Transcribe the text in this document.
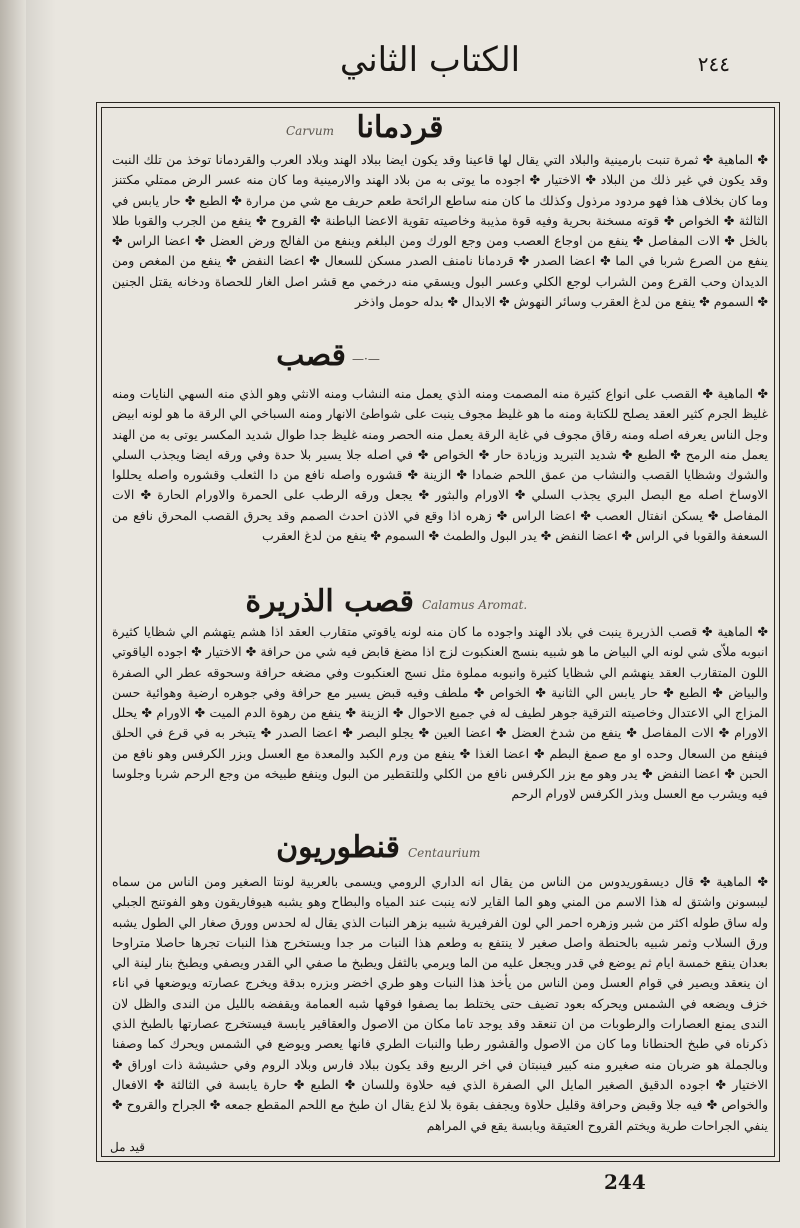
الكتاب الثاني	٢٤٤
قردمانا
Carvum
✤ الماهية ✤ ثمرة تنبت بارمينية والبلاد التي يقال لها قاعينا وقد يكون ايضا ببلاد الهند وبلاد العرب والقردمانا توخذ من تلك النبت وقد يكون في غير ذلك من البلاد ✤ الاختيار ✤ اجوده ما يوتى به من بلاد الهند والارمينية وما كان منه عسر الرض ممتلي مكتنز وما كان بخلاف هذا فهو مردود مرذول وكذلك ما كان منه ساطع الرائحة طعم حريف مع شي من مرارة ✤ الطبع ✤ حار يابس في الثالثة ✤ الخواص ✤ قوته مسخنة بحرية وفيه قوة مذيبة وخاصيته تقوية الاعضا الباطنة ✤ القروح ✤ ينفع من الجرب والقوبا طلا بالخل ✤ الات المفاصل ✤ ينفع من اوجاع العصب ومن وجع الورك ومن البلغم وينفع من الفالج ورض العضل ✤ اعضا الراس ✤ ينفع من الصرع شربا في الما ✤ اعضا الصدر ✤ قردمانا نامنف الصدر مسكن للسعال ✤ اعضا النفض ✤ ينفع من المغص ومن الديدان وحب القرع ومن الشراب لوجع الكلي وعسر البول ويسقي منه درخمي مع قشر اصل الغار للحصاة ودخانه يقتل الجنين ✤ السموم ✤ ينفع من لدغ العقرب وسائر النهوش ✤ الابدال ✤ بدله حومل واذخر
—·—
قصب
✤ الماهية ✤ القصب على انواع كثيرة منه المصمت ومنه الذي يعمل منه النشاب ومنه الانثي وهو الذي منه السهي النايات ومنه غليظ الجرم كثير العقد يصلح للكتابة ومنه ما هو غليظ مجوف ينبت على شواطئ الانهار ومنه السباخي الي الرقة ما هو لونه ابيض وجل الناس يعرفه اصله ومنه رقاق مجوف في غاية الرقة يعمل منه الحصر ومنه غليظ جدا طوال شديد المكسر يوتى به من الهند يعمل منه الرمح ✤ الطبع ✤ شديد التبريد وزيادة حار ✤ الخواص ✤ في اصله جلا يسير بلا حدة وفي ورقه ايضا ويجذب السلي والشوك وشظايا القصب والنشاب من عمق اللحم ضمادا ✤ الزينة ✤ قشوره واصله نافع من دا الثعلب وقشوره واصله يحللوا الاوساخ اصله مع البصل البري يجذب السلي ✤ الاورام والبثور ✤ يجعل ورقه الرطب على الحمرة والاورام الحارة ✤ الات المفاصل ✤ يسكن انفتال العصب ✤ اعضا الراس ✤ زهره اذا وقع في الاذن احدث الصمم وقد يحرق القصب المحرق نافع من السعفة والقوبا في الراس ✤ اعضا النفض ✤ يدر البول والطمث ✤ السموم ✤ ينفع من لدغ العقرب
قصب الذريرة Calamus Aromat.
✤ الماهية ✤ قصب الذريرة ينبت في بلاد الهند واجوده ما كان منه لونه ياقوتي متقارب العقد اذا هشم يتهشم الي شظايا كثيرة انبوبه ملاّى شي لونه الي البياض ما هو شبيه بنسج العنكبوت لزج اذا مضغ قابض فيه شي من حرافة ✤ الاختيار ✤ اجوده الياقوتي اللون المتقارب العقد ينهشم الي شظايا كثيرة وانبوبه مملوة مثل نسج العنكبوت وفي مضغه حرافة وسحوقه عطر الي الصفرة والبياض ✤ الطبع ✤ حار يابس الي الثانية ✤ الخواص ✤ ملطف وفيه قبض يسير مع حرافة وفي جوهره ارضية وهوائية حسن المزاج الي الاعتدال وخاصيته الترقية جوهر لطيف له في جميع الاحوال ✤ الزينة ✤ ينفع من رهوة الدم الميت ✤ الاورام ✤ يحلل الاورام ✤ الات المفاصل ✤ ينفع من شدخ العضل ✤ اعضا العين ✤ يجلو البصر ✤ اعضا الصدر ✤ يتبخر به في قرع في الحلق فينفع من السعال وحده او مع صمغ البطم ✤ اعضا الغذا ✤ ينفع من ورم الكبد والمعدة مع العسل وبزر الكرفس وهو نافع من الحبن ✤ اعضا النفض ✤ يدر وهو مع بزر الكرفس نافع من الكلي وللتقطير من البول وينفع طبيخه من وجع الرحم شربا وجلوسا فيه ويشرب مع العسل وبذر الكرفس لاورام الرحم
قنطوريون Centaurium
✤ الماهية ✤ قال ديسقوريدوس من الناس من يقال انه الداري الرومي ويسمى بالعربية لونتا الصغير ومن الناس من سماه ليبسونن واشتق له هذا الاسم من المني وهو الما القاير لانه ينبت عند المياه والبطاح وهو يشبه هيوفاريقون وهو الفوتنج الجبلي وله ساق طوله اكثر من شبر وزهره احمر الي لون الفرفيرية شبيه بزهر النبات الذي يقال له لحدس وورق صغار الي الطول يشبه ورق السلاب وثمر شبيه بالحنطة واصل صغير لا ينتفع به وطعم هذا النبات مر جدا ويستخرج هذا النبات تجرها حاصلا متراوحا بعدان ينقع خمسة ايام ثم يوضع في قدر ويجعل عليه من الما ويرمي بالثفل ويطبخ ما صفي الي القدر ويصفي ويطبخ بنار لينة الي ان ينعقد ويصير في قوام العسل ومن الناس من يأخذ هذا النبات وهو طري اخضر وبزره بدقة ويخرج عصارته ويوضعها في اناء خزف ويضعه في الشمس ويحركه بعود تضيف حتى يختلط بما يصفوا فوقها شبه العمامة ويقفضه بالليل من الندى والظل لان الندى يمنع العصارات والرطوبات من ان تنعقد وقد يوجد تاما مكان من الاصول والعقاقير يابسة فيستخرج عصارتها بالطبخ الذي ذكرناه في طبخ الحنطانا وما كان من الاصول والقشور رطبا والنبات الطري فانها يعصر ويوضع في الشمس ويحرك كما وصفنا وبالجملة هو ضربان منه صغيرو منه كبير فينبتان في اخر الربيع وقد يكون ببلاد فارس وبلاد الروم وفي حشيشة ذات اوراق ✤ الاختيار ✤ اجوده الدقيق الصغير المايل الي الصفرة الذي فيه حلاوة وللسان ✤ الطبع ✤ حارة يابسة في الثالثة ✤ الافعال والخواص ✤ فيه جلا وقبض وحرافة وقليل حلاوة ويجفف بقوة بلا لذع يقال ان طبخ مع اللحم المقطع جمعه ✤ الجراح والقروح ✤ ينفي الجراحات طرية ويختم القروح العتيقة ويابسة يقع في المراهم
قيد مل
244
